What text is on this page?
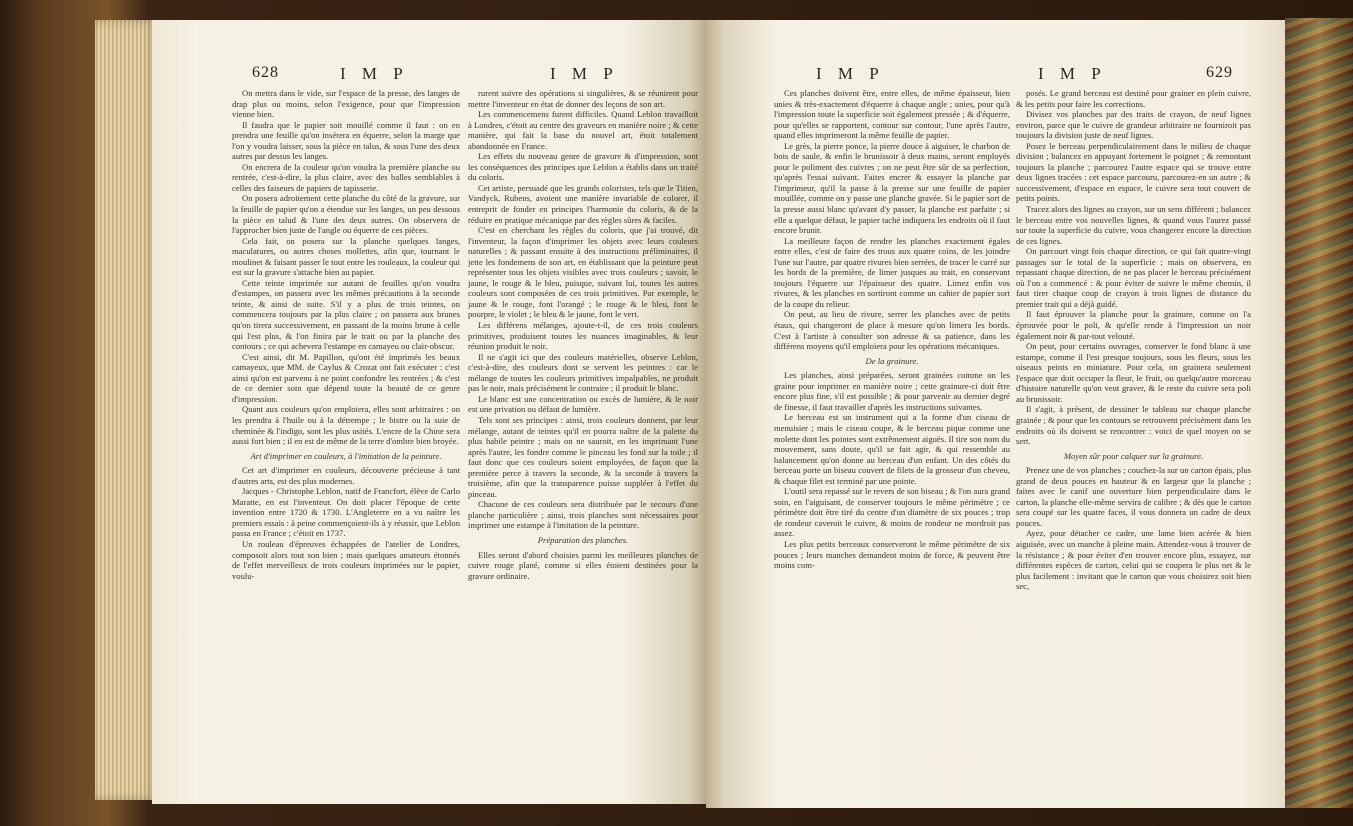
628	I M P	I M P

On mettra dans le vide, sur l'espace de la presse, des langes de drap plus ou moins, selon l'exigence, pour que l'impression vienne bien.

Il faudra que le papier soit mouillé comme il faut : on en prendra une feuille qu'on insérera en équerre, selon la marge que l'on y voudra laisser, sous la pièce en talus, & sous l'une des deux autres par dessus les langes.

On encrera de la couleur qu'on voudra la première planche ou rentrée, c'est-à-dire, la plus claire, avec des balles semblables à celles des faiseurs de papiers de tapisserie.

On posera adroitement cette planche du côté de la gravure, sur la feuille de papier qu'on a étendue sur les langes, un peu dessous la pièce en talud & l'une des deux autres. On observera de l'approcher bien juste de l'angle ou équerre de ces pièces.

Cela fait, on posera sur la planche quelques langes, maculatures, ou autres choses mollettes, afin que, tournant le moulinet & faisant passer le tout entre les rouleaux, la couleur qui est sur la gravure s'attache bien au papier.

Cette teinte imprimée sur autant de feuilles qu'on voudra d'estampes, on passera avec les mêmes précautions à la seconde teinte, & ainsi de suite. S'il y a plus de trois teintes, on commencera toujours par la plus claire ; on passera aux brunes qu'on tirera successivement, en passant de la moins brune à celle qui l'est plus, & l'on finira par le trait ou par la planche des contours ; ce qui achevera l'estampe en camayeu ou clair-obscur.

C'est ainsi, dit M. Papillon, qu'ont été imprimés les beaux camayeux, que MM. de Caylus & Crozat ont fait exécuter : c'est ainsi qu'on est parvenu à ne point confondre les rentrées ; & c'est de ce dernier soin que dépend toute la beauté de ce genre d'impression.

Quant aux couleurs qu'on emploiera, elles sont arbitraires : on les prendra à l'huile ou à la détrempe ; le bistre ou la suie de cheminée & l'indigo, sont les plus usités. L'encre de la Chine sera aussi fort bien ; il en est de même de la terre d'ombre bien broyée.

Art d'imprimer en couleurs, à l'imitation de la peinture.

Cet art d'imprimer en couleurs, découverte précieuse à tant d'autres arts, est des plus modernes.

Jacques - Christophe Leblon, natif de Francfort, élève de Carlo Maratte, en est l'inventeur. On doit placer l'époque de cette invention entre 1720 & 1730. L'Angleterre en a vu naître les premiers essais : à peine commençoient-ils à y réussir, que Leblon passa en France ; c'étoit en 1737.

Un rouleau d'épreuves échappées de l'atelier de Londres, composoit alors tout son bien ; mais quelques amateurs étonnés de l'effet merveilleux de trois couleurs imprimées sur le papier, voulu-

rurent suivre des opérations si singulières, & se réunirent pour mettre l'inventeur en état de donner des leçons de son art.

Les commencemens furent difficiles. Quand Leblon travailloit à Londres, c'étoit au centre des graveurs en manière noire ; & cette manière, qui fait la base du nouvel art, étoit totalement abandonnée en France.

Les effets du nouveau genre de gravure & d'impression, sont les conséquences des principes que Leblon a établis dans un traité du coloris.

Cet artiste, persuadé que les grands coloristes, tels que le Titien, Vandyck, Rubens, avoient une manière invariable de colorer, il entreprit de fonder en principes l'harmonie du coloris, & de la réduire en pratique mécanique par des règles sûres & faciles.

C'est en cherchant les règles du coloris, que j'ai trouvé, dit l'inventeur, la façon d'imprimer les objets avec leurs couleurs naturelles ; & passant ensuite à des instructions préliminaires, il jette les fondemens de son art, en établissant que la peinture peut représenter tous les objets visibles avec trois couleurs ; savoir, le jaune, le rouge & le bleu, puisque, suivant lui, toutes les autres couleurs sont composées de ces trois primitives. Par exemple, le jaune & le rouge, font l'orangé ; le rouge & le bleu, font le pourpre, le violet ; le bleu & le jaune, font le vert.

Les différens mélanges, ajoute-t-il, de ces trois couleurs primitives, produisent toutes les nuances imaginables, & leur réunion produit le noir.

Il ne s'agit ici que des couleurs matérielles, observe Leblon, c'est-à-dire, des couleurs dont se servent les peintres : car le mélange de toutes les couleurs primitives impalpables, ne produit pas le noir, mais précisément le contraire ; il produit le blanc.

Le blanc est une concentration ou excès de lumière, & le noir est une privation ou défaut de lumière.

Tels sont ses principes : ainsi, trois couleurs donnent, par leur mélange, autant de teintes qu'il en pourra naître de la palette du plus habile peintre ; mais on ne sauroit, en les imprimant l'une après l'autre, les fondre comme le pinceau les fond sur la toile ; il faut donc que ces couleurs soient employées, de façon que la première perce à travers la seconde, & la seconde à travers la troisième, afin que la transparence puisse suppléer à l'effet du pinceau.

Chacune de ces couleurs sera distribuée par le secours d'une planche particulière ; ainsi, trois planches sont nécessaires pour imprimer une estampe à l'imitation de la peinture.

Préparation des planches.

Elles seront d'abord choisies parmi les meilleures planches de cuivre rouge plané, comme si elles étoient destinées pour la gravure ordinaire.

I M P	I M P	629

Ces planches doivent être, entre elles, de même épaisseur, bien unies & très-exactement d'équerre à chaque angle ; unies, pour qu'à l'impression toute la superficie soit également pressée ; & d'équerre, pour qu'elles se rapportent, contour sur contour, l'une après l'autre, quand elles imprimeront la même feuille de papier.

Le grès, la pierre ponce, la pierre douce à aiguiser, le charbon de bois de saule, & enfin le brunissoir à deux mains, seront employés pour le poliment des cuivres ; on ne peut être sûr de sa perfection, qu'après l'essai suivant. Faites encrer & essayer la planche par l'imprimeur, qu'il la passe à la presse sur une feuille de papier mouillée, comme on y passe une planche gravée. Si le papier sort de la presse aussi blanc qu'avant d'y passer, la planche est parfaite ; si elle a quelque défaut, le papier taché indiquera les endroits où il faut encore brunir.

La meilleure façon de rendre les planches exactement égales entre elles, c'est de faire des trous aux quatre coins, de les joindre l'une sur l'autre, par quatre rivures bien serrées, de tracer le carré sur les bords de la première, de limer jusques au trait, en conservant toujours l'équerre sur l'épaisseur des quatre. Limez enfin vos rivures, & les planches en sortiront comme un cahier de papier sort de la coupe du relieur.

On peut, au lieu de rivure, serrer les planches avec de petits étaux, qui changeront de place à mesure qu'on limera les bords. C'est à l'artiste à consulter son adresse & sa patience, dans les différens moyens qu'il emploiera pour les opérations mécaniques.

De la grainure.

Les planches, ainsi préparées, seront grainées comme on les graine pour imprimer en manière noire ; cette grainure-ci doit être encore plus fine, s'il est possible ; & pour parvenir au dernier degré de finesse, il faut travailler d'après les instructions suivantes.

Le berceau est un instrument qui a la forme d'un ciseau de menuisier ; mais le ciseau coupe, & le berceau pique comme une molette dont les pointes sont extrêmement aiguës. Il tire son nom du mouvement, sans doute, qu'il se fait agir, & qui ressemble au balancement qu'on donne au berceau d'un enfant. Un des côtés du berceau porte un biseau couvert de filets de la grosseur d'un cheveu, & chaque filet est terminé par une pointe.

L'outil sera repassé sur le revers de son biseau ; & l'on aura grand soin, en l'aiguisant, de conserver toujours le même périmètre ; ce périmètre doit être tiré du centre d'un diamètre de six pouces ; trop de rondeur caveroit le cuivre, & moins de rondeur ne mordroit pas assez.

Les plus petits berceaux conserveront le même périmètre de six pouces ; leurs manches demandent moins de force, & peuvent être moins com-

posés. Le grand berceau est destiné pour grainer en plein cuivre, & les petits pour faire les corrections.

Divisez vos planches par des traits de crayon, de neuf lignes environ, parce que le cuivre de grandeur arbitraire ne fourniroit pas toujours la division juste de neuf lignes.

Posez le berceau perpendiculairement dans le milieu de chaque division ; balancez en appuyant fortement le poignet ; & remontant toujours la planche ; parcourez l'autre espace qui se trouve entre deux lignes tracées : cet espace parcouru, parcourez-en un autre ; & successivement, d'espace en espace, le cuivre sera tout couvert de petits points.

Tracez alors des lignes au crayon, sur un sens différent ; balancez le berceau entre vos nouvelles lignes, & quand vous l'aurez passé sur toute la superficie du cuivre, vous changerez encore la direction de ces lignes.

On parcourt vingt fois chaque direction, ce qui fait quatre-vingt passages sur le total de la superficie ; mais on observera, en repassant chaque direction, de ne pas placer le berceau précisément où l'on a commencé : & pour éviter de suivre le même chemin, il faut tirer chaque coup de crayon à trois lignes de distance du premier trait qui a déjà guidé.

Il faut éprouver la planche pour la grainure, comme on l'a éprouvée pour le poli, & qu'elle rende à l'impression un noir également noir & par-tout velouté.

On peut, pour certains ouvrages, conserver le fond blanc à une estampe, comme il l'est presque toujours, sous les fleurs, sous les oiseaux peints en miniature. Pour cela, on grainera seulement l'espace que doit occuper la fleur, le fruit, ou quelqu'autre morceau d'histoire naturelle qu'on veut graver, & le reste du cuivre sera poli au brunissoir.

Il s'agit, à présent, de dessiner le tableau sur chaque planche grainée ; & pour que les contours se retrouvent précisément dans les endroits où ils doivent se rencontrer : voici de quel moyen on se sert.

Moyen sûr pour calquer sur la grainure.

Prenez une de vos planches ; couchez-la sur un carton épais, plus grand de deux pouces en hauteur & en largeur que la planche ; faites avec le canif une ouverture bien perpendiculaire dans le carton, la planche elle-même servira de calibre ; & dès que le carton sera coupé sur les quatre faces, il vous donnera un cadre de deux pouces.

Ayez, pour détacher ce cadre, une lame bien acérée & bien aiguisée, avec un manche à pleine main. Attendez-vous à trouver de la résistance ; & pour éviter d'en trouver encore plus, essayez, sur différentes espèces de carton, celui qui se coupera le plus net & le plus facilement : invitant que le carton que vous choisirez soit bien sec,
